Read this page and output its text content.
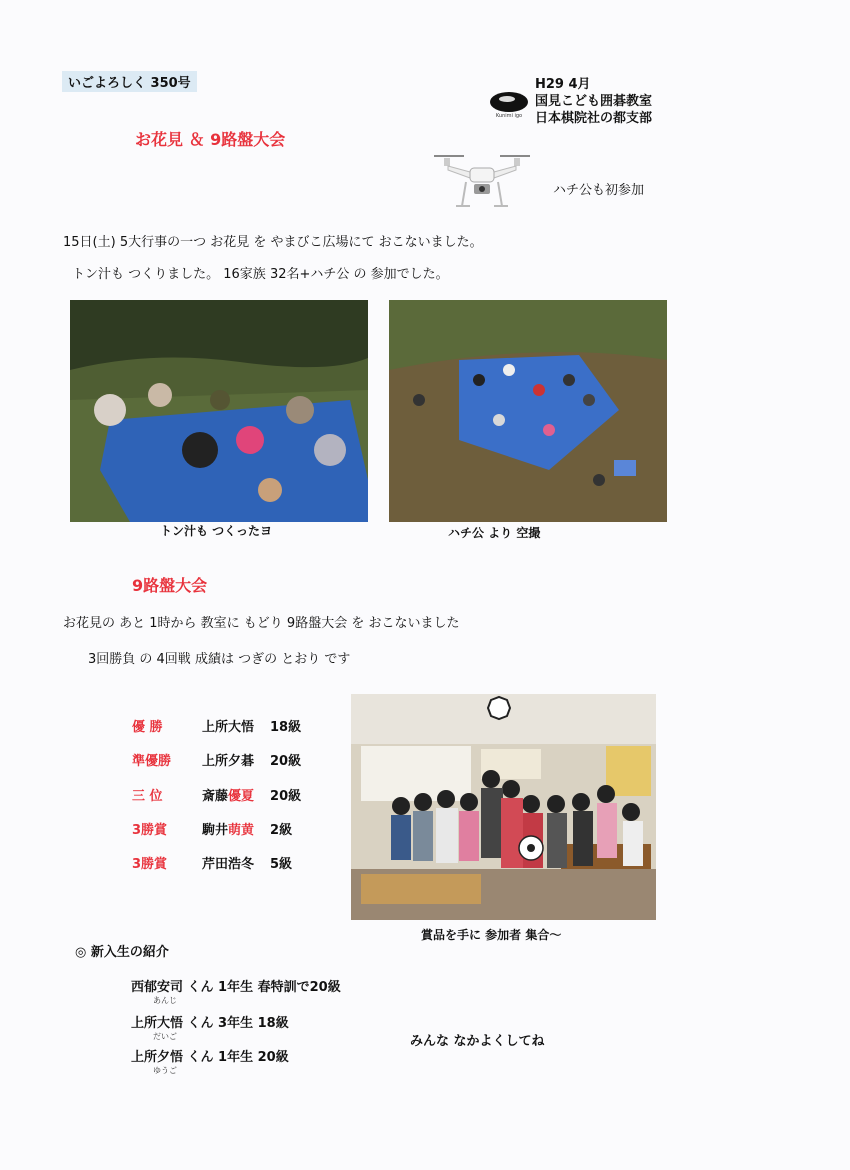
いごよろしく 350号
Kunimi igo
H29 4月
国見こども囲碁教室
日本棋院社の都支部
お花見 ＆ 9路盤大会
ハチ公も初参加
15日(土) 5大行事の一つ お花見 を やまびこ広場にて おこないました。
トン汁も つくりました。 16家族 32名+ハチ公 の 参加でした。
トン汁も つくったヨ	ハチ公 より 空撮
9路盤大会
お花見の あと 1時から 教室に もどり 9路盤大会 を おこないました
3回勝負 の 4回戦 成績は つぎの とおり です
優 勝	上所大悟 18級
準優勝 上所夕碁 20級
三 位	斎藤優夏 20級
3勝賞	駒井萌黄 2級
3勝賞	芹田浩冬 5級
賞品を手に 参加者 集合～
◎ 新入生の紹介
西郁安司 くん 1年生 春特訓で20級
あんじ
上所大悟 くん 3年生 18級
だいご
上所夕悟 くん 1年生 20級
ゆうご
みんな なかよくしてね
